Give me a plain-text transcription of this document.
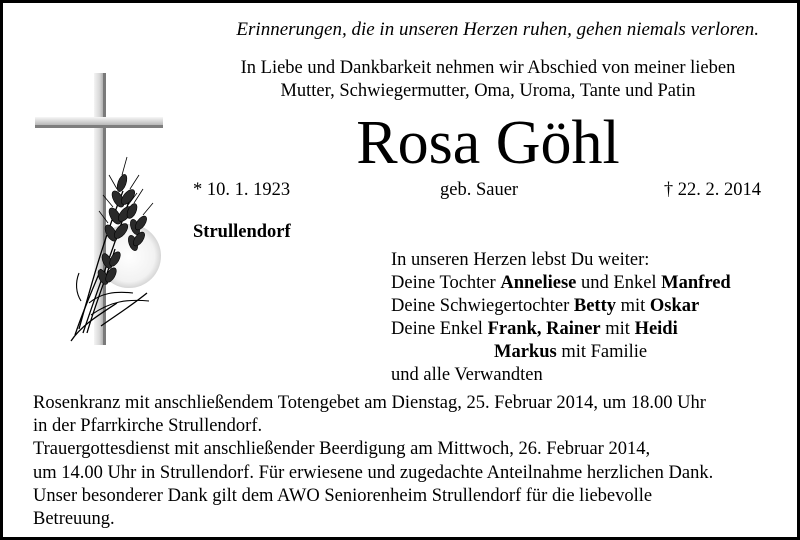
Erinnerungen, die in unseren Herzen ruhen, gehen niemals verloren.
In Liebe und Dankbarkeit nehmen wir Abschied von meiner lieben
Mutter, Schwiegermutter, Oma, Uroma, Tante und Patin
Rosa Göhl
* 10. 1. 1923	geb. Sauer	† 22. 2. 2014
Strullendorf
In unseren Herzen lebst Du weiter:
Deine Tochter Anneliese und Enkel Manfred
Deine Schwiegertochter Betty mit Oskar
Deine Enkel Frank, Rainer mit Heidi
Markus mit Familie
und alle Verwandten
Rosenkranz mit anschließendem Totengebet am Dienstag, 25. Februar 2014, um 18.00 Uhr
in der Pfarrkirche Strullendorf.
Trauergottesdienst mit anschließender Beerdigung am Mittwoch, 26. Februar 2014,
um 14.00 Uhr in Strullendorf. Für erwiesene und zugedachte Anteilnahme herzlichen Dank.
Unser besonderer Dank gilt dem AWO Seniorenheim Strullendorf für die liebevolle
Betreuung.
